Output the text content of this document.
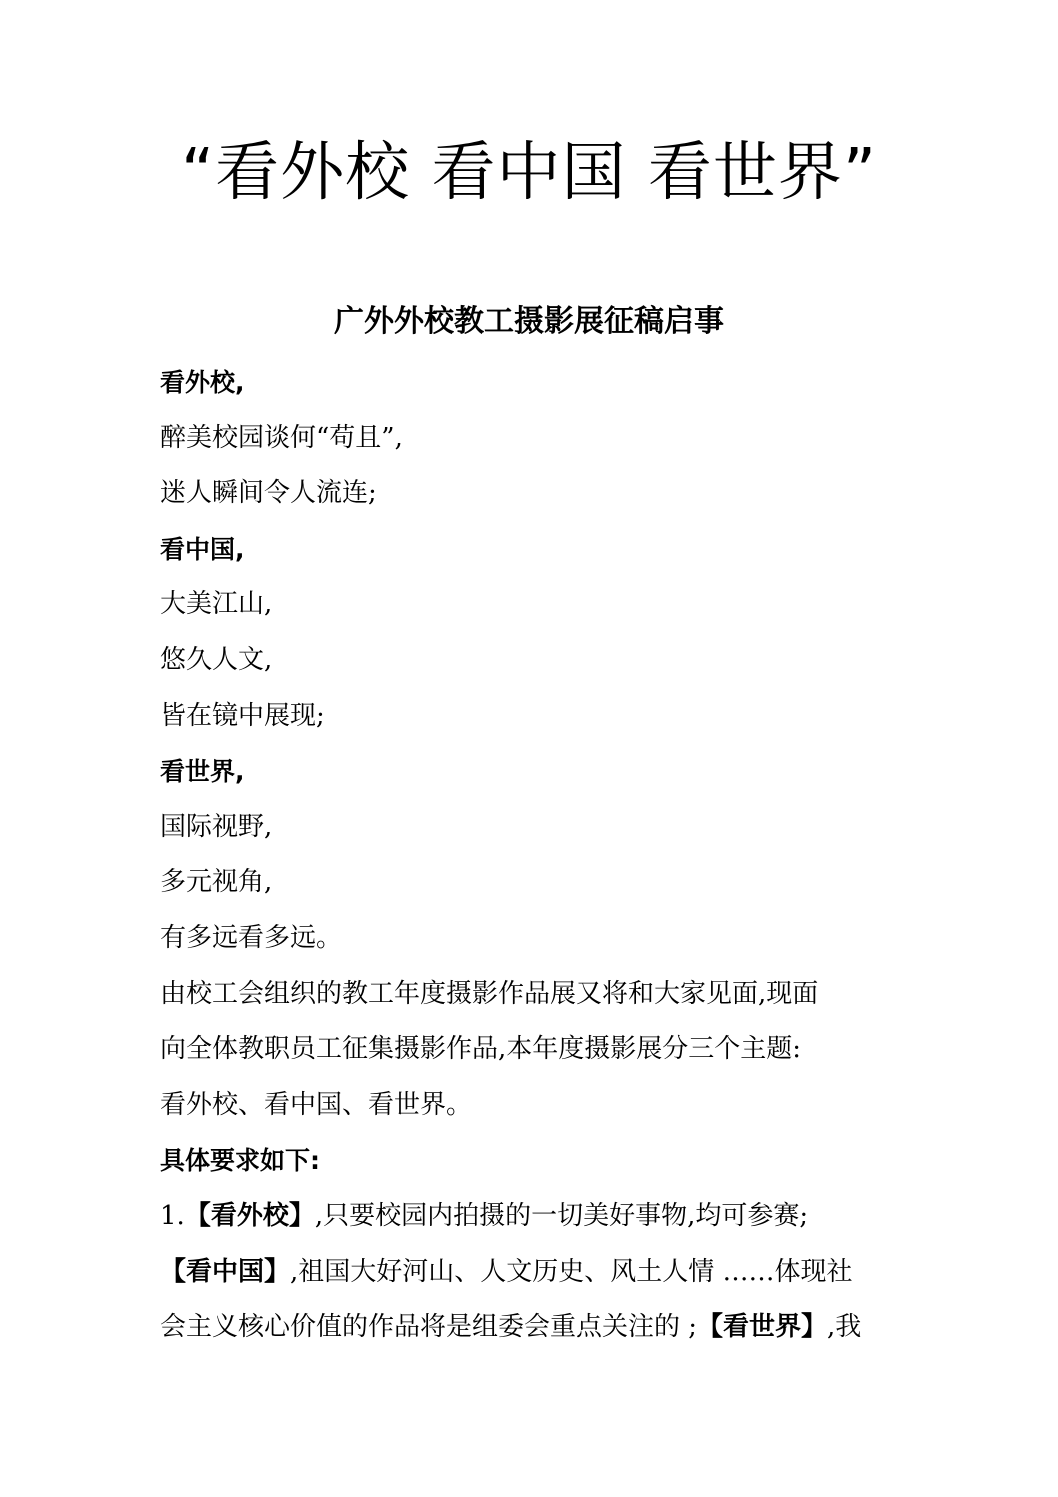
“看外校 看中国 看世界”
广外外校教工摄影展征稿启事
看外校,
醉美校园谈何“苟且”,
迷人瞬间令人流连;
看中国,
大美江山,
悠久人文,
皆在镜中展现;
看世界,
国际视野,
多元视角,
有多远看多远。
由校工会组织的教工年度摄影作品展又将和大家见面,现面
向全体教职员工征集摄影作品,本年度摄影展分三个主题:
看外校、看中国、看世界。
具体要求如下:
1.【看外校】,只要校园内拍摄的一切美好事物,均可参赛;
【看中国】,祖国大好河山、人文历史、风土人情 ……体现社
会主义核心价值的作品将是组委会重点关注的 ;【看世界】,我
